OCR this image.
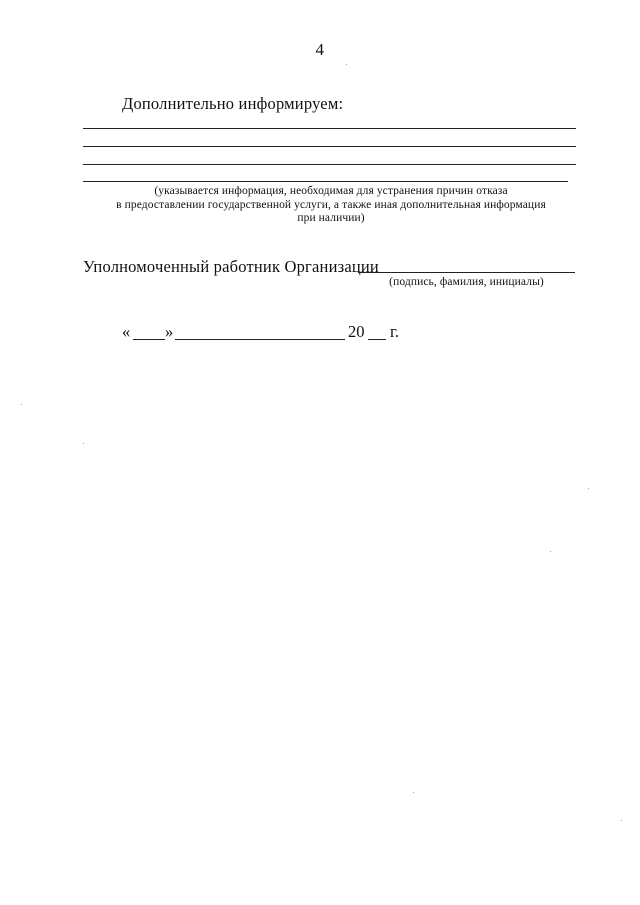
4
Дополнительно информируем:
(указывается информация, необходимая для устранения причин отказа
в предоставлении государственной услуги, а также иная дополнительная информация
при наличии)
Уполномоченный работник Организации
(подпись, фамилия, инициалы)
« »	20 г.
